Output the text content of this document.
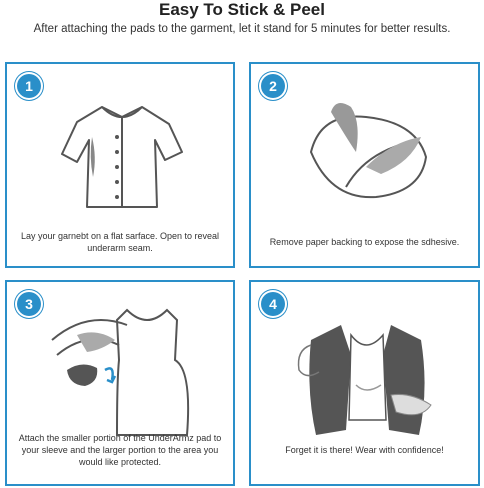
Easy To Stick & Peel
After attaching the pads to the garment, let it stand for 5 minutes for better results.
1
Lay your garnebt on a flat sarface. Open to reveal underarm seam.
2
Remove paper backing to expose the sdhesive.
3
Attach the smaller portion of the UnderArmz pad to your sleeve and the larger portion to the area you would like protected.
4
Forget it is there! Wear with confidence!
